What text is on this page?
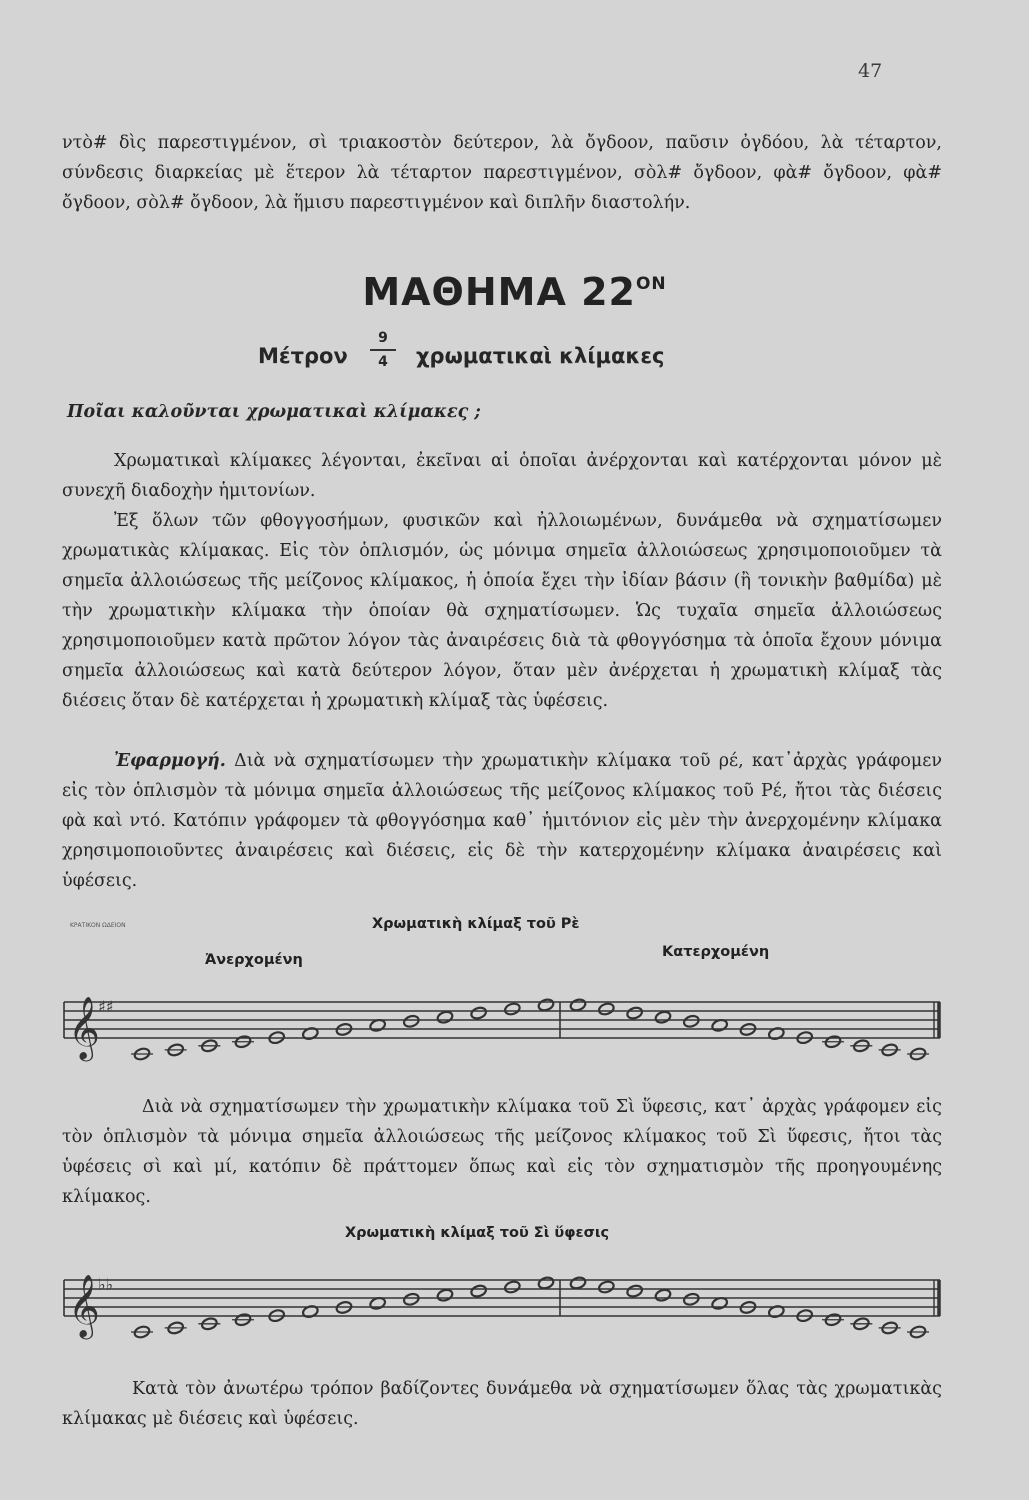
47

ντὸ# δὶς παρεστιγμένον, σὶ τριακοστὸν δεύτερον, λὰ ὄγδοον, παῦσιν ὀγδόου, λὰ τέταρτον, σύνδεσις διαρκείας μὲ ἕτερον λὰ τέταρτον παρεστιγμένον, σὸλ# ὄγδοον, φὰ# ὄγδοον, φὰ# ὄγδοον, σὸλ# ὄγδοον, λὰ ἥμισυ παρεστιγμένον καὶ διπλῆν διαστολήν.

ΜΑΘΗΜΑ $22^{ON}$
Μέτρον
9
4	χρωματικαὶ κλίμακες

Ποῖαι καλοῦνται χρωματικαὶ κλίμακες ;

Χρωματικαὶ κλίμακες λέγονται, ἐκεῖναι αἱ ὁποῖαι ἀνέρχονται καὶ κατέρχονται μόνον μὲ συνεχῆ διαδοχὴν ἡμιτονίων.

Ἐξ ὅλων τῶν φθογγοσήμων, φυσικῶν καὶ ἠλλοιωμένων, δυνάμεθα νὰ σχηματίσωμεν χρωματικὰς κλίμακας. Εἰς τὸν ὁπλισμόν, ὡς μόνιμα σημεῖα ἀλλοιώσεως χρησιμοποιοῦμεν τὰ σημεῖα ἀλλοιώσεως τῆς μείζονος κλίμακος, ἡ ὁποία ἔχει τὴν ἰδίαν βάσιν (ἢ τονικὴν βαθμίδα) μὲ τὴν χρωματικὴν κλίμακα τὴν ὁποίαν θὰ σχηματίσωμεν. Ὡς τυχαῖα σημεῖα ἀλλοιώσεως χρησιμοποιοῦμεν κατὰ πρῶτον λόγον τὰς ἀναιρέσεις διὰ τὰ φθογγόσημα τὰ ὁποῖα ἔχουν μόνιμα σημεῖα ἀλλοιώσεως καὶ κατὰ δεύτερον λόγον, ὅταν μὲν ἀνέρχεται ἡ χρωματικὴ κλίμαξ τὰς διέσεις ὅταν δὲ κατέρχεται ἡ χρωματικὴ κλίμαξ τὰς ὑφέσεις.

Ἐφαρμογή. Διὰ νὰ σχηματίσωμεν τὴν χρωματικὴν κλίμακα τοῦ ρέ, κατ᾿ἀρχὰς γράφομεν εἰς τὸν ὁπλισμὸν τὰ μόνιμα σημεῖα ἀλλοιώσεως τῆς μείζονος κλίμακος τοῦ Ρέ, ἤτοι τὰς διέσεις φὰ καὶ ντό. Κατόπιν γράφομεν τὰ φθογγόσημα καθ᾿ ἡμιτόνιον εἰς μὲν τὴν ἀνερχομένην κλίμακα χρησιμοποιοῦντες ἀναιρέσεις καὶ διέσεις, εἰς δὲ τὴν κατερχομένην κλίμακα ἀναιρέσεις καὶ ὑφέσεις.

ΚΡΑΤΙΚΟΝ ΩΔΕΙΟΝ	Χρωματικὴ κλίμαξ τοῦ Ρὲ
Ἀνερχομένη	Κατερχομένη
𝄞
♯♯

Διὰ νὰ σχηματίσωμεν τὴν χρωματικὴν κλίμακα τοῦ Σὶ ὕφεσις, κατ᾿ ἀρχὰς γράφομεν εἰς τὸν ὁπλισμὸν τὰ μόνιμα σημεῖα ἀλλοιώσεως τῆς μείζονος κλίμακος τοῦ Σὶ ὕφεσις, ἤτοι τὰς ὑφέσεις σὶ καὶ μί, κατόπιν δὲ πράττομεν ὅπως καὶ εἰς τὸν σχηματισμὸν τῆς προηγουμένης κλίμακος.

Χρωματικὴ κλίμαξ τοῦ Σὶ ὕφεσις
𝄞
♭♭

Κατὰ τὸν ἀνωτέρω τρόπον βαδίζοντες δυνάμεθα νὰ σχηματίσωμεν ὅλας τὰς χρωματικὰς κλίμακας μὲ διέσεις καὶ ὑφέσεις.
